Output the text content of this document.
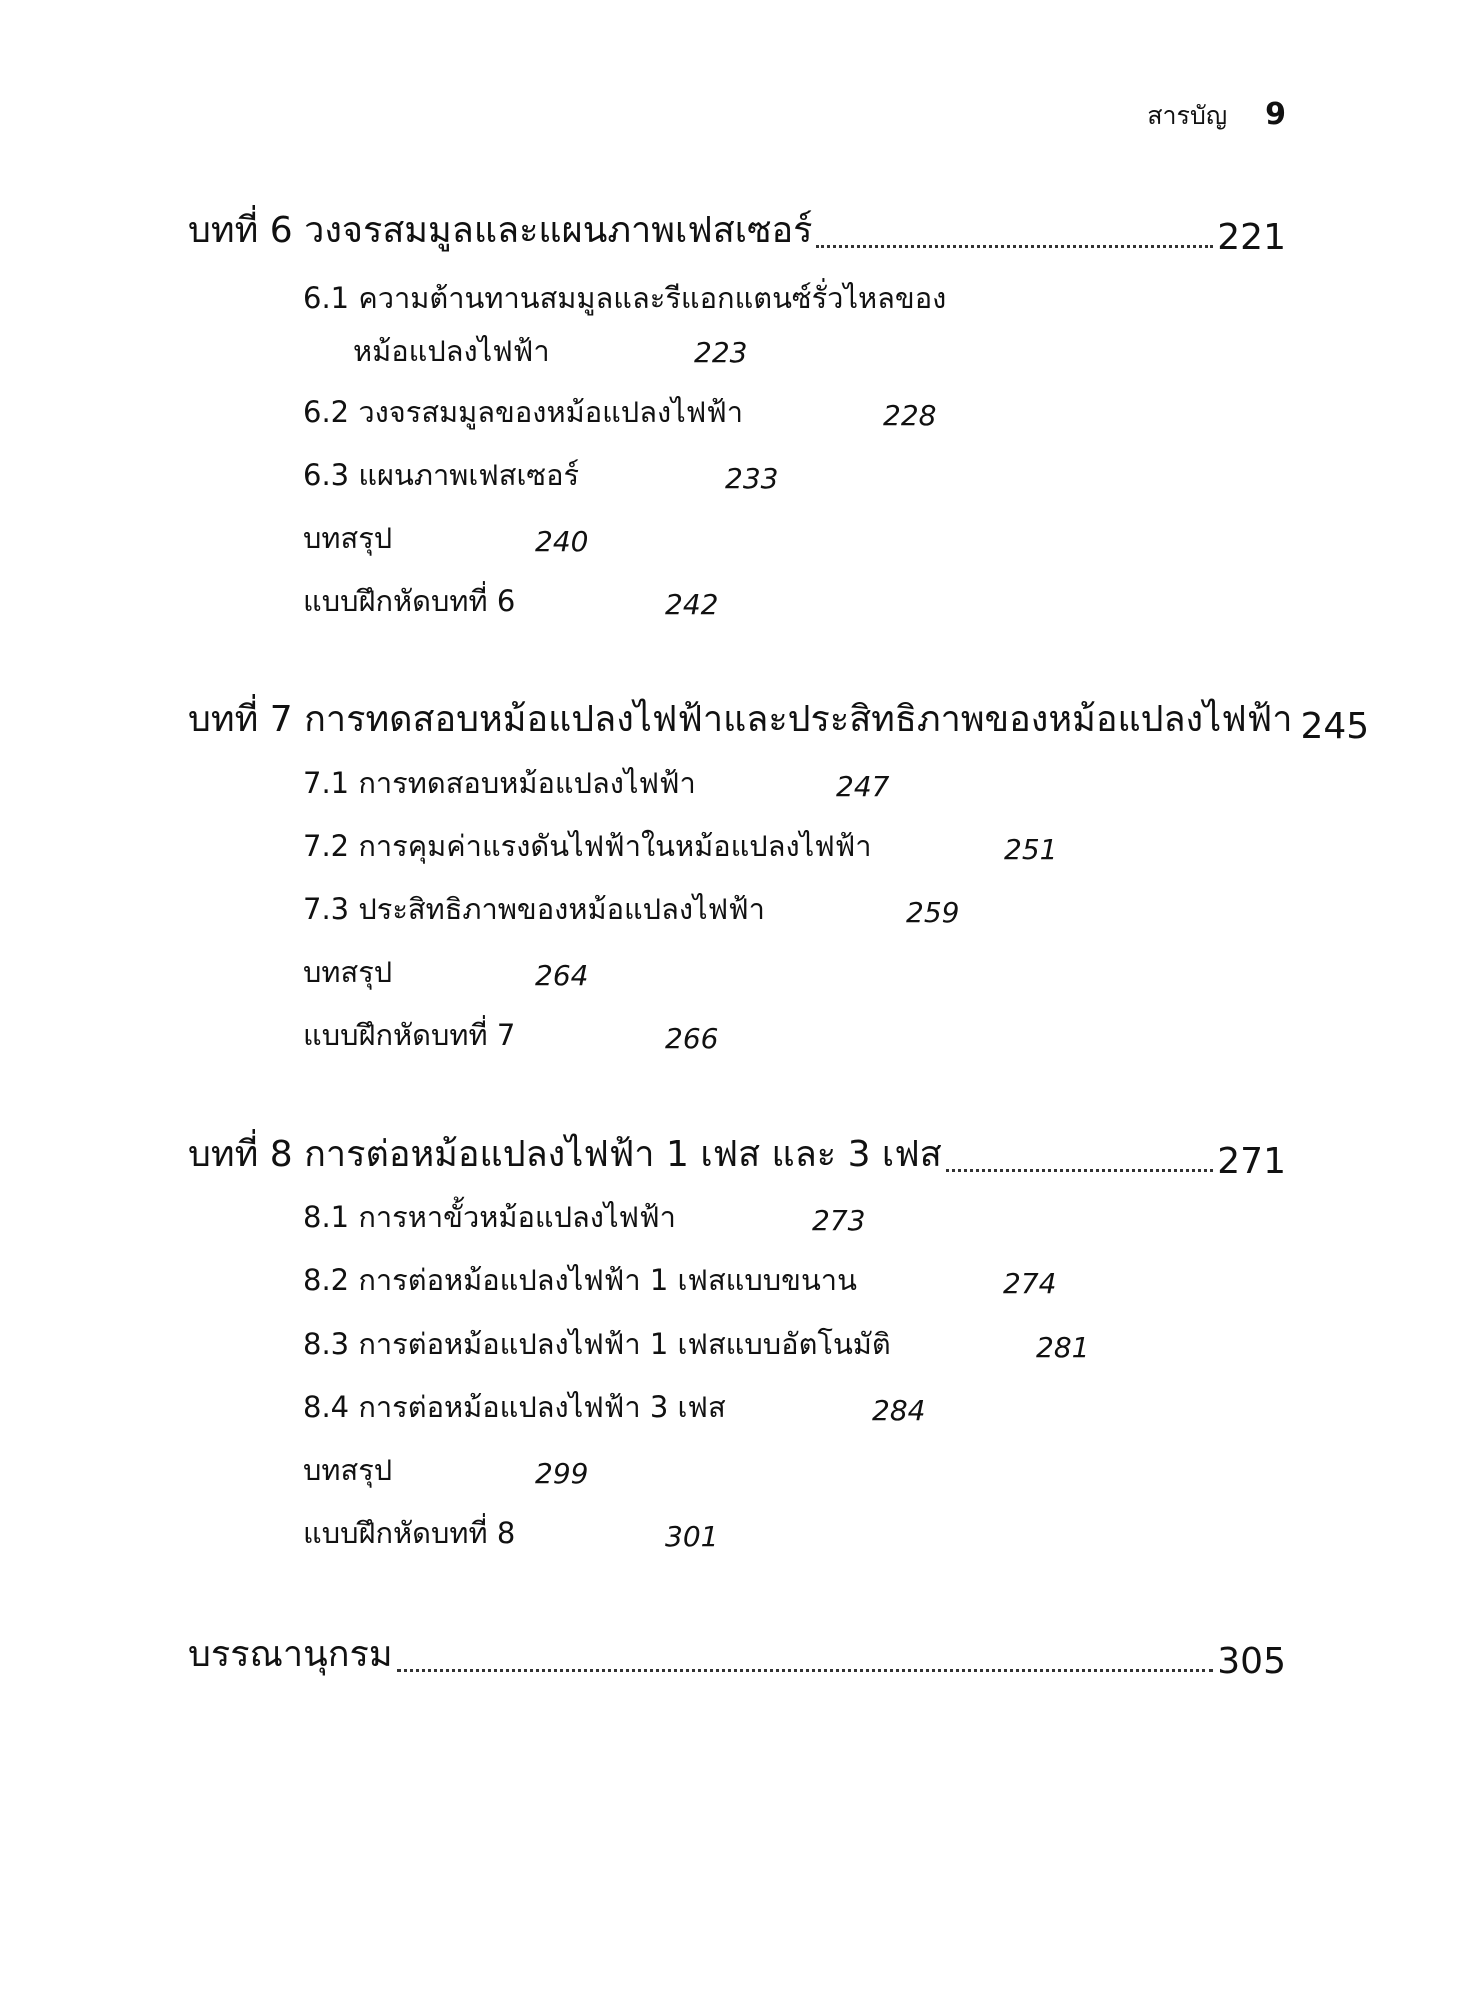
สารบัญ 9
บทที่ 6 วงจรสมมูลและแผนภาพเฟสเซอร์	221
6.1 ความต้านทานสมมูลและรีแอกแตนซ์รั่วไหลของ
หม้อแปลงไฟฟ้า	223
6.2 วงจรสมมูลของหม้อแปลงไฟฟ้า	228
6.3 แผนภาพเฟสเซอร์	233
บทสรุป	240
แบบฝึกหัดบทที่ 6	242
บทที่ 7 การทดสอบหม้อแปลงไฟฟ้าและประสิทธิภาพของหม้อแปลงไฟฟ้า 245
7.1 การทดสอบหม้อแปลงไฟฟ้า	247
7.2 การคุมค่าแรงดันไฟฟ้าในหม้อแปลงไฟฟ้า	251
7.3 ประสิทธิภาพของหม้อแปลงไฟฟ้า	259
บทสรุป	264
แบบฝึกหัดบทที่ 7	266
บทที่ 8 การต่อหม้อแปลงไฟฟ้า 1 เฟส และ 3 เฟส	271
8.1 การหาขั้วหม้อแปลงไฟฟ้า	273
8.2 การต่อหม้อแปลงไฟฟ้า 1 เฟสแบบขนาน	274
8.3 การต่อหม้อแปลงไฟฟ้า 1 เฟสแบบอัตโนมัติ	281
8.4 การต่อหม้อแปลงไฟฟ้า 3 เฟส	284
บทสรุป	299
แบบฝึกหัดบทที่ 8	301
บรรณานุกรม	305
